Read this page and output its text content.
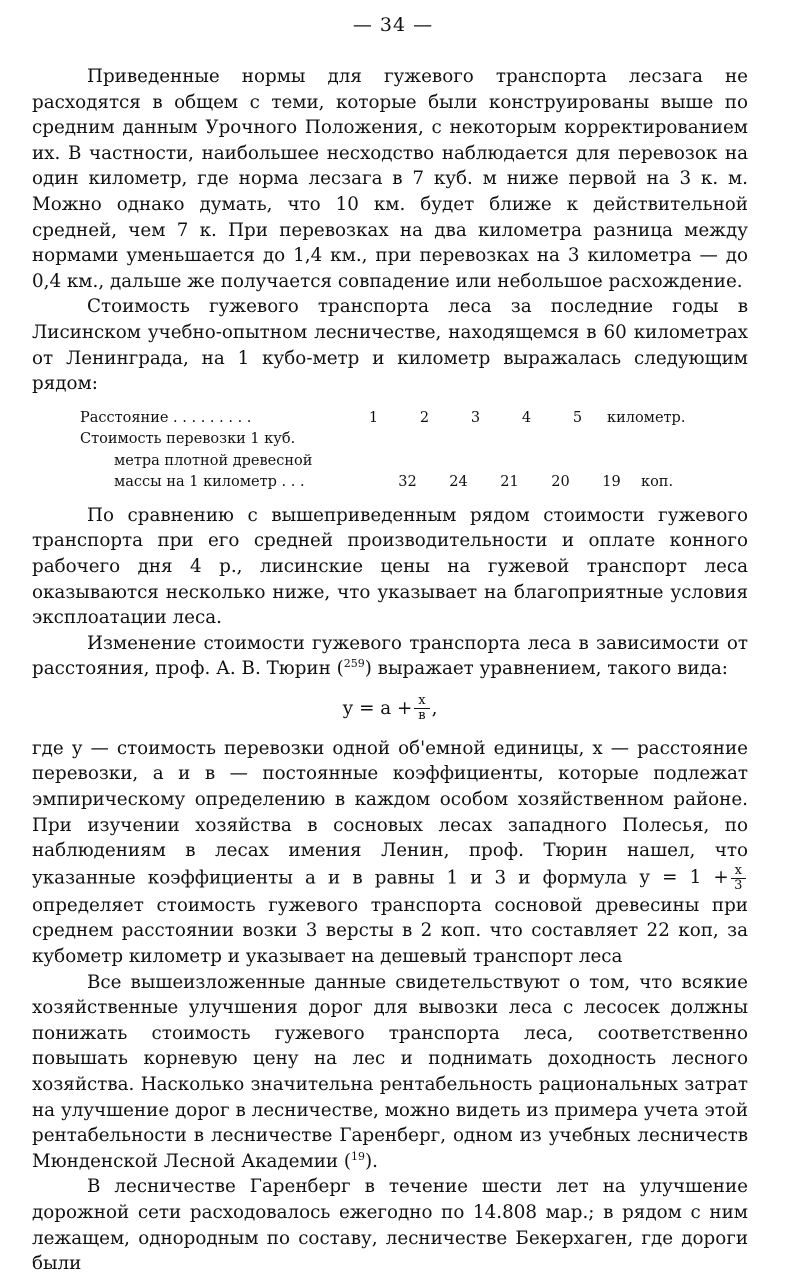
— 34 —

Приведенные нормы для гужевого транспорта лесзага не расходятся в общем с теми, которые были конструированы выше по средним данным Урочного Положения, с некоторым корректированием их. В частности, наибольшее несходство наблюдается для перевозок на один километр, где норма лесзага в 7 куб. м ниже первой на 3 к. м. Можно однако думать, что 10 км. будет ближе к действительной средней, чем 7 к. При перевозках на два километра разница между нормами уменьшается до 1,4 км., при перевозках на 3 километра — до 0,4 км., дальше же получается совпадение или небольшое расхождение.

Стоимость гужевого транспорта леса за последние годы в Лисинском учебно-опытном лесничестве, находящемся в 60 километрах от Ленинграда, на 1 кубо-метр и километр выражалась следующим рядом:

Расстояние . . . . . . . . .	1	2	3	4	5	километр.
Стоимость перевозки 1 куб.
метра плотной древесной
массы на 1 километр . . .	32	24	21	20	19	коп.

По сравнению с вышеприведенным рядом стоимости гужевого транспорта при его средней производительности и оплате конного рабочего дня 4 р., лисинские цены на гужевой транспорт леса оказываются несколько ниже, что указывает на благоприятные условия эксплоатации леса.

Изменение стоимости гужевого транспорта леса в зависимости от расстояния, проф. А. В. Тюрин ($^{259}$) выражает уравнением, такого вида:

$у = а + \frac{х}{в}$ ,

где у — стоимость перевозки одной об'емной единицы, х — расстояние перевозки, а и в — постоянные коэффициенты, которые подлежат эмпирическому определению в каждом особом хозяйственном районе. При изучении хозяйства в сосновых лесах западного Полесья, по наблюдениям в лесах имения Ленин, проф. Тюрин нашел, что указанные коэффициенты а и в равны 1 и 3 и формула $у = 1 + \frac{х}{3}$
определяет стоимость гужевого транспорта сосновой древесины при среднем расстоянии возки 3 версты в 2 коп. что составляет 22 коп, за кубометр километр и указывает на дешевый транспорт леса

Все вышеизложенные данные свидетельствуют о том, что всякие хозяйственные улучшения дорог для вывозки леса с лесосек должны понижать стоимость гужевого транспорта леса, соответственно повышать корневую цену на лес и поднимать доходность лесного хозяйства. Насколько значительна рентабельность рациональных затрат на улучшение дорог в лесничестве, можно видеть из примера учета этой рентабельности в лесничестве Гаренберг, одном из учебных лесничеств Мюнденской Лесной Академии ($^{19}$).

В лесничестве Гаренберг в течение шести лет на улучшение дорожной сети расходовалось ежегодно по 14.808 мар.; в рядом с ним лежащем, однородным по составу, лесничестве Бекерхаген, где дороги были
